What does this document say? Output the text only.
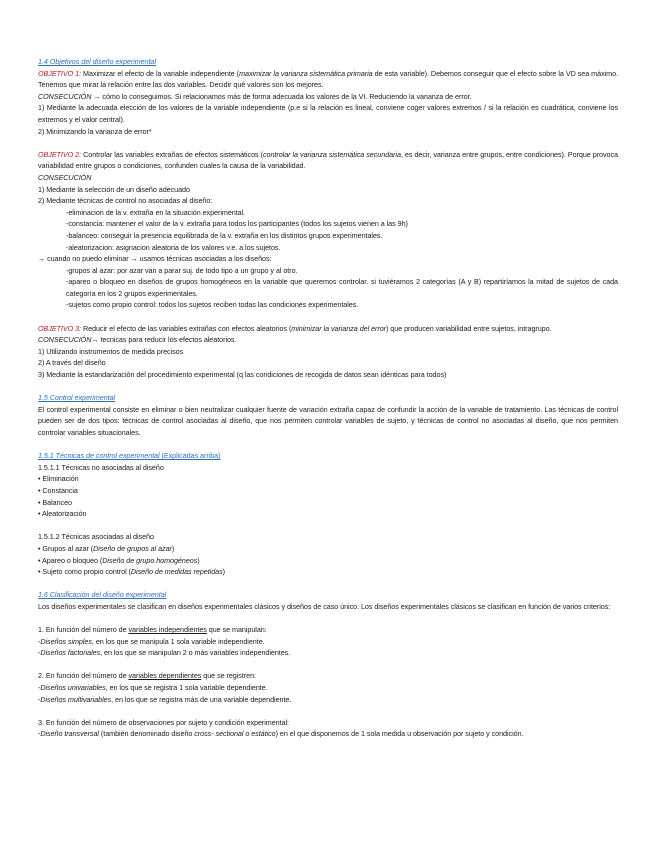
1.4 Objetivos del diseño experimental

OBJETIVO 1: Maximizar el efecto de la variable independiente (maximizar la varianza sistemática primaria de esta variable). Debemos conseguir que el efecto sobre la VD sea máximo. Tenemos que mirar la relación entre las dos variables. Decidir qué valores son los mejores.

CONSECUCIÓN → cómo lo conseguimos. Si relacionamos más de forma adecuada los valores de la VI. Reduciendo la varianza de error.

1) Mediante la adecuada elección de los valores de la variable independiente (p.e si la relación es lineal, conviene coger valores extremos / si la relación es cuadrática, conviene los extremos y el valor central).

2) Minimizando la varianza de error*

OBJETIVO 2: Controlar las variables extrañas de efectos sistemáticos (controlar la varianza sistemática secundaria, es decir, varianza entre grupos, entre condiciones). Porque provoca variabilidad entre grupos o condiciones, confunden cuales la causa de la variabilidad.

CONSECUCIÓN

1) Mediante la selección de un diseño adecuado

2) Mediante técnicas de control no asociadas al diseño:

-eliminacion de la v. extraña en la situación experimental.

-constancia: mantener el valor de la v. extraña para todos los participantes (todos los sujetos vienen a las 9h)

-balanceo: conseguir la presencia equilibrada de la v. extraña en los distintos grupos experimentales.

-aleatorizacion: asignacion aleatoria de los valores v.e. a los sujetos.

→ cuando no puedo eliminar → usamos técnicas asociadas a los diseños:

-grupos al azar: por azar van a parar suj. de todo tipo a un grupo y al otro.

-apareo o bloqueo en diseños de grupos homogéneos en la variable que queremos controlar. si tuviéramos 2 categorías (A y B) repartiríamos la mitad de sujetos de cada categoría en los 2 grupos experimentales.

-sujetos como propio control: todos los sujetos reciben todas las condiciones experimentales.

OBJETIVO 3: Reducir el efecto de las variables extrañas con efectos aleatorios (minimizar la varianza del error) que producen variabilidad entre sujetos, intragrupo.

CONSECUCIÓN→ tecnicas para reducir los efectos aleatorios.

1) Utilizando instrumentos de medida precisos

2) A través del diseño

3) Mediante la estandarización del procedimiento experimental (q las condiciones de recogida de datos sean idénticas para todos)

1.5 Control experimental

El control experimental consiste en eliminar o bien neutralizar cualquier fuente de variación extraña capaz de confundir la acción de la variable de tratamiento. Las técnicas de control pueden ser de dos tipos: técnicas de control asociadas al diseño, que nos permiten controlar variables de sujeto, y técnicas de control no asociadas al diseño, que nos permiten controlar variables situacionales.

1.5.1 Técnicas de control experimental (Explicadas arriba)

1.5.1.1 Técnicas no asociadas al diseño

• Eliminación

• Constancia

• Balanceo

• Aleatorización

1.5.1.2 Técnicas asociadas al diseño

• Grupos al azar (Diseño de grupos al azar)

• Apareo o bloqueo (Diseño de grupo homogéneos)

• Sujeto como propio control (Diseño de medidas repetidas)

1.6 Clasificación del diseño experimental

Los diseños experimentales se clasifican en diseños experimentales clásicos y diseños de caso único. Los diseños experimentales clásicos se clasifican en función de varios criterios:

1. En función del número de variables independientes que se manipulan:

-Diseños simples, en los que se manipula 1 sola variable independiente.

-Diseños factoriales, en los que se manipulan 2 o más variables independientes.

2. En función del número de variables dependientes que se registren:

-Diseños univariables, en los que se registra 1 sola variable dependiente.

-Diseños multivariables, en los que se registra más de una variable dependiente.

3. En función del número de observaciones por sujeto y condición experimental:

-Diseño transversal (también denominado diseño cross- sectional o estático) en el que disponemos de 1 sola medida u observación por sujeto y condición.
